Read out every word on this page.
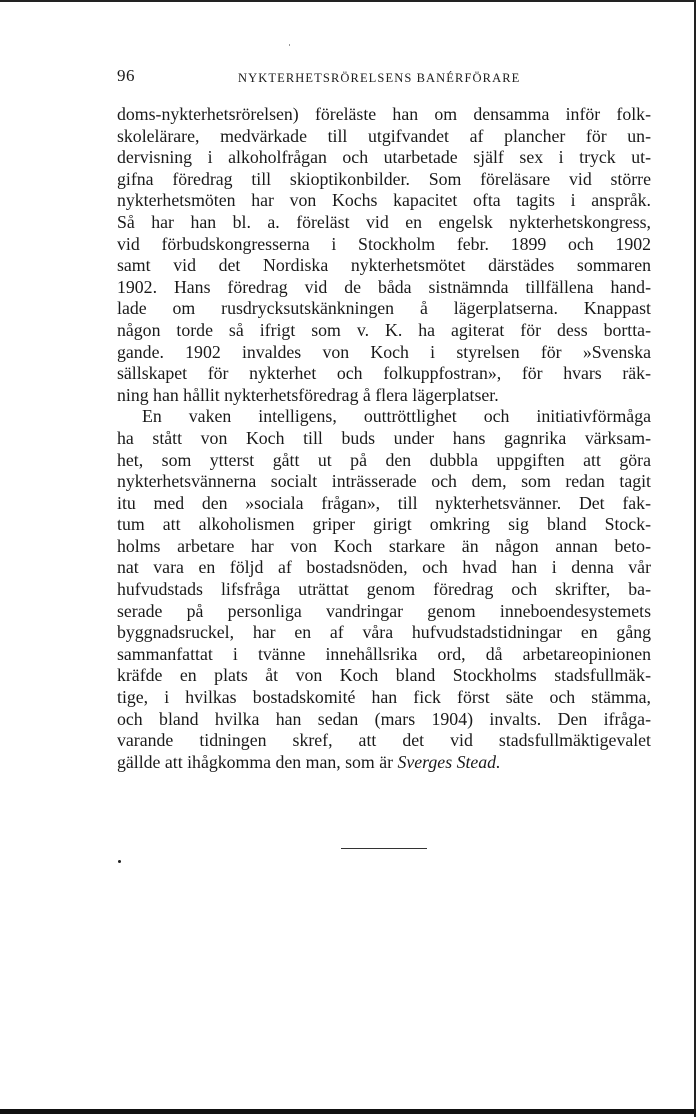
96	NYKTERHETSRÖRELSENS BANÉRFÖRARE
doms-nykterhetsrörelsen) föreläste han om densamma inför folk-
skolelärare, medvärkade till utgifvandet af plancher för un-
dervisning i alkoholfrågan och utarbetade själf sex i tryck ut-
gifna föredrag till skioptikonbilder. Som föreläsare vid större
nykterhetsmöten har von Kochs kapacitet ofta tagits i anspråk.
Så har han bl. a. föreläst vid en engelsk nykterhetskongress,
vid förbudskongresserna i Stockholm febr. 1899 och 1902
samt vid det Nordiska nykterhetsmötet därstädes sommaren
1902. Hans föredrag vid de båda sistnämnda tillfällena hand-
lade om rusdrycksutskänkningen å lägerplatserna. Knappast
någon torde så ifrigt som v. K. ha agiterat för dess bortta-
gande. 1902 invaldes von Koch i styrelsen för »Svenska
sällskapet för nykterhet och folkuppfostran», för hvars räk-
ning han hållit nykterhetsföredrag å flera lägerplatser.
En vaken intelligens, outtröttlighet och initiativförmåga
ha stått von Koch till buds under hans gagnrika värksam-
het, som ytterst gått ut på den dubbla uppgiften att göra
nykterhetsvännerna socialt inträsserade och dem, som redan tagit
itu med den »sociala frågan», till nykterhetsvänner. Det fak-
tum att alkoholismen griper girigt omkring sig bland Stock-
holms arbetare har von Koch starkare än någon annan beto-
nat vara en följd af bostadsnöden, och hvad han i denna vår
hufvudstads lifsfråga uträttat genom föredrag och skrifter, ba-
serade på personliga vandringar genom inneboendesystemets
byggnadsruckel, har en af våra hufvudstadstidningar en gång
sammanfattat i tvänne innehållsrika ord, då arbetareopinionen
kräfde en plats åt von Koch bland Stockholms stadsfullmäk-
tige, i hvilkas bostadskomité han fick först säte och stämma,
och bland hvilka han sedan (mars 1904) invalts. Den ifråga-
varande tidningen skref, att det vid stadsfullmäktigevalet
gällde att ihågkomma den man, som är Sverges Stead.
